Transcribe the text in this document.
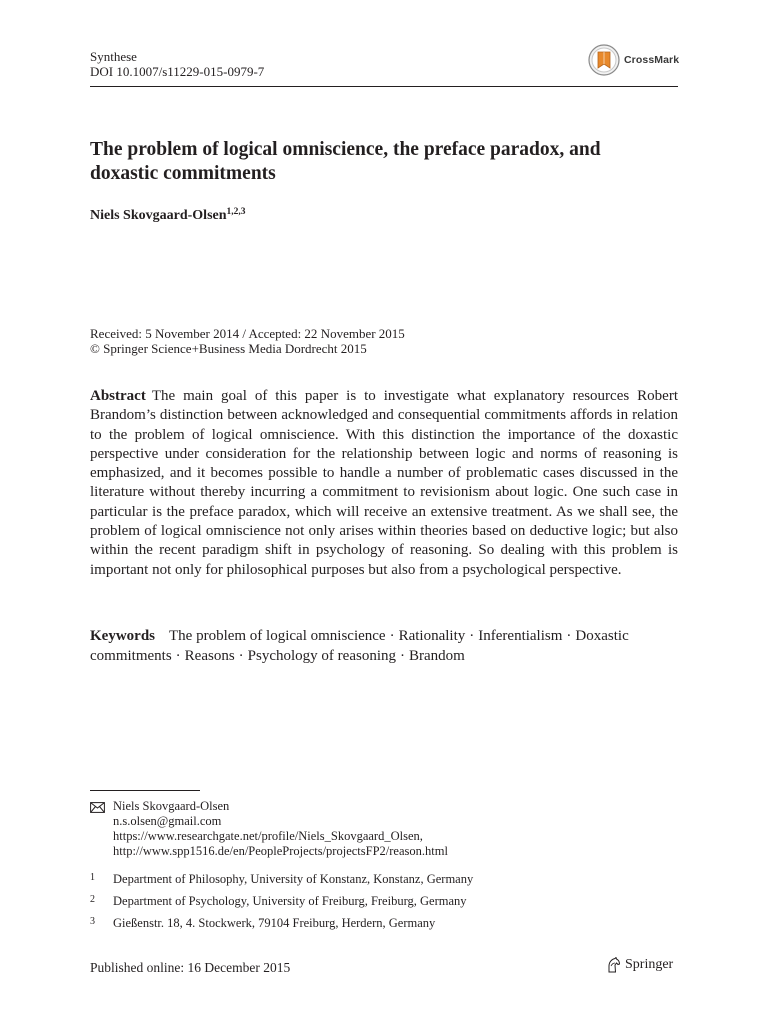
Synthese
DOI 10.1007/s11229-015-0979-7
CrossMark
The problem of logical omniscience, the preface paradox, and doxastic commitments
Niels Skovgaard-Olsen$^{1,2,3}$
Received: 5 November 2014 / Accepted: 22 November 2015
© Springer Science+Business Media Dordrecht 2015

Abstract The main goal of this paper is to investigate what explanatory resources Robert Brandom’s distinction between acknowledged and consequential commitments affords in relation to the problem of logical omniscience. With this distinction the importance of the doxastic perspective under consideration for the relationship between logic and norms of reasoning is emphasized, and it becomes possible to handle a number of problematic cases discussed in the literature without thereby incurring a commitment to revisionism about logic. One such case in particular is the preface paradox, which will receive an extensive treatment. As we shall see, the problem of logical omniscience not only arises within theories based on deductive logic; but also within the recent paradigm shift in psychology of reasoning. So dealing with this problem is important not only for philosophical purposes but also from a psychological perspective.

Keywords The problem of logical omniscience · Rationality · Inferentialism · Doxastic commitments · Reasons · Psychology of reasoning · Brandom

Niels Skovgaard-Olsen
n.s.olsen@gmail.com
https://www.researchgate.net/profile/Niels_Skovgaard_Olsen,
http://www.spp1516.de/en/PeopleProjects/projectsFP2/reason.html
1 Department of Philosophy, University of Konstanz, Konstanz, Germany
2 Department of Psychology, University of Freiburg, Freiburg, Germany
3 Gießenstr. 18, 4. Stockwerk, 79104 Freiburg, Herdern, Germany
Published online: 16 December 2015	Springer
